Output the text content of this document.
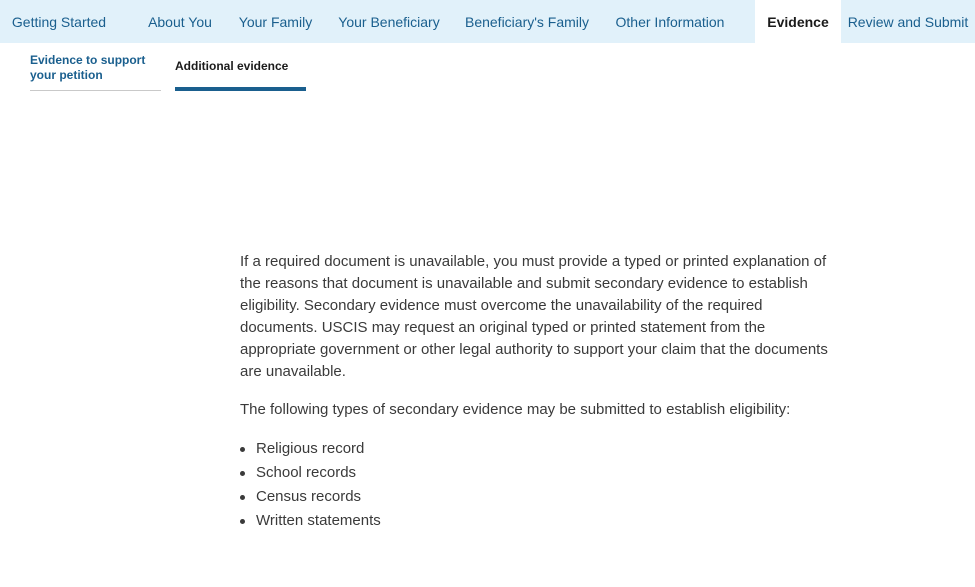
Getting Started	About You	Your Family	Your Beneficiary	Beneficiary's Family	Other Information	Evidence	Review and Submit
Evidence to support your petition
Additional evidence

If a required document is unavailable, you must provide a typed or printed explanation of the reasons that document is unavailable and submit secondary evidence to establish eligibility. Secondary evidence must overcome the unavailability of the required documents. USCIS may request an original typed or printed statement from the appropriate government or other legal authority to support your claim that the documents are unavailable.

The following types of secondary evidence may be submitted to establish eligibility:

Religious record
School records
Census records
Written statements
